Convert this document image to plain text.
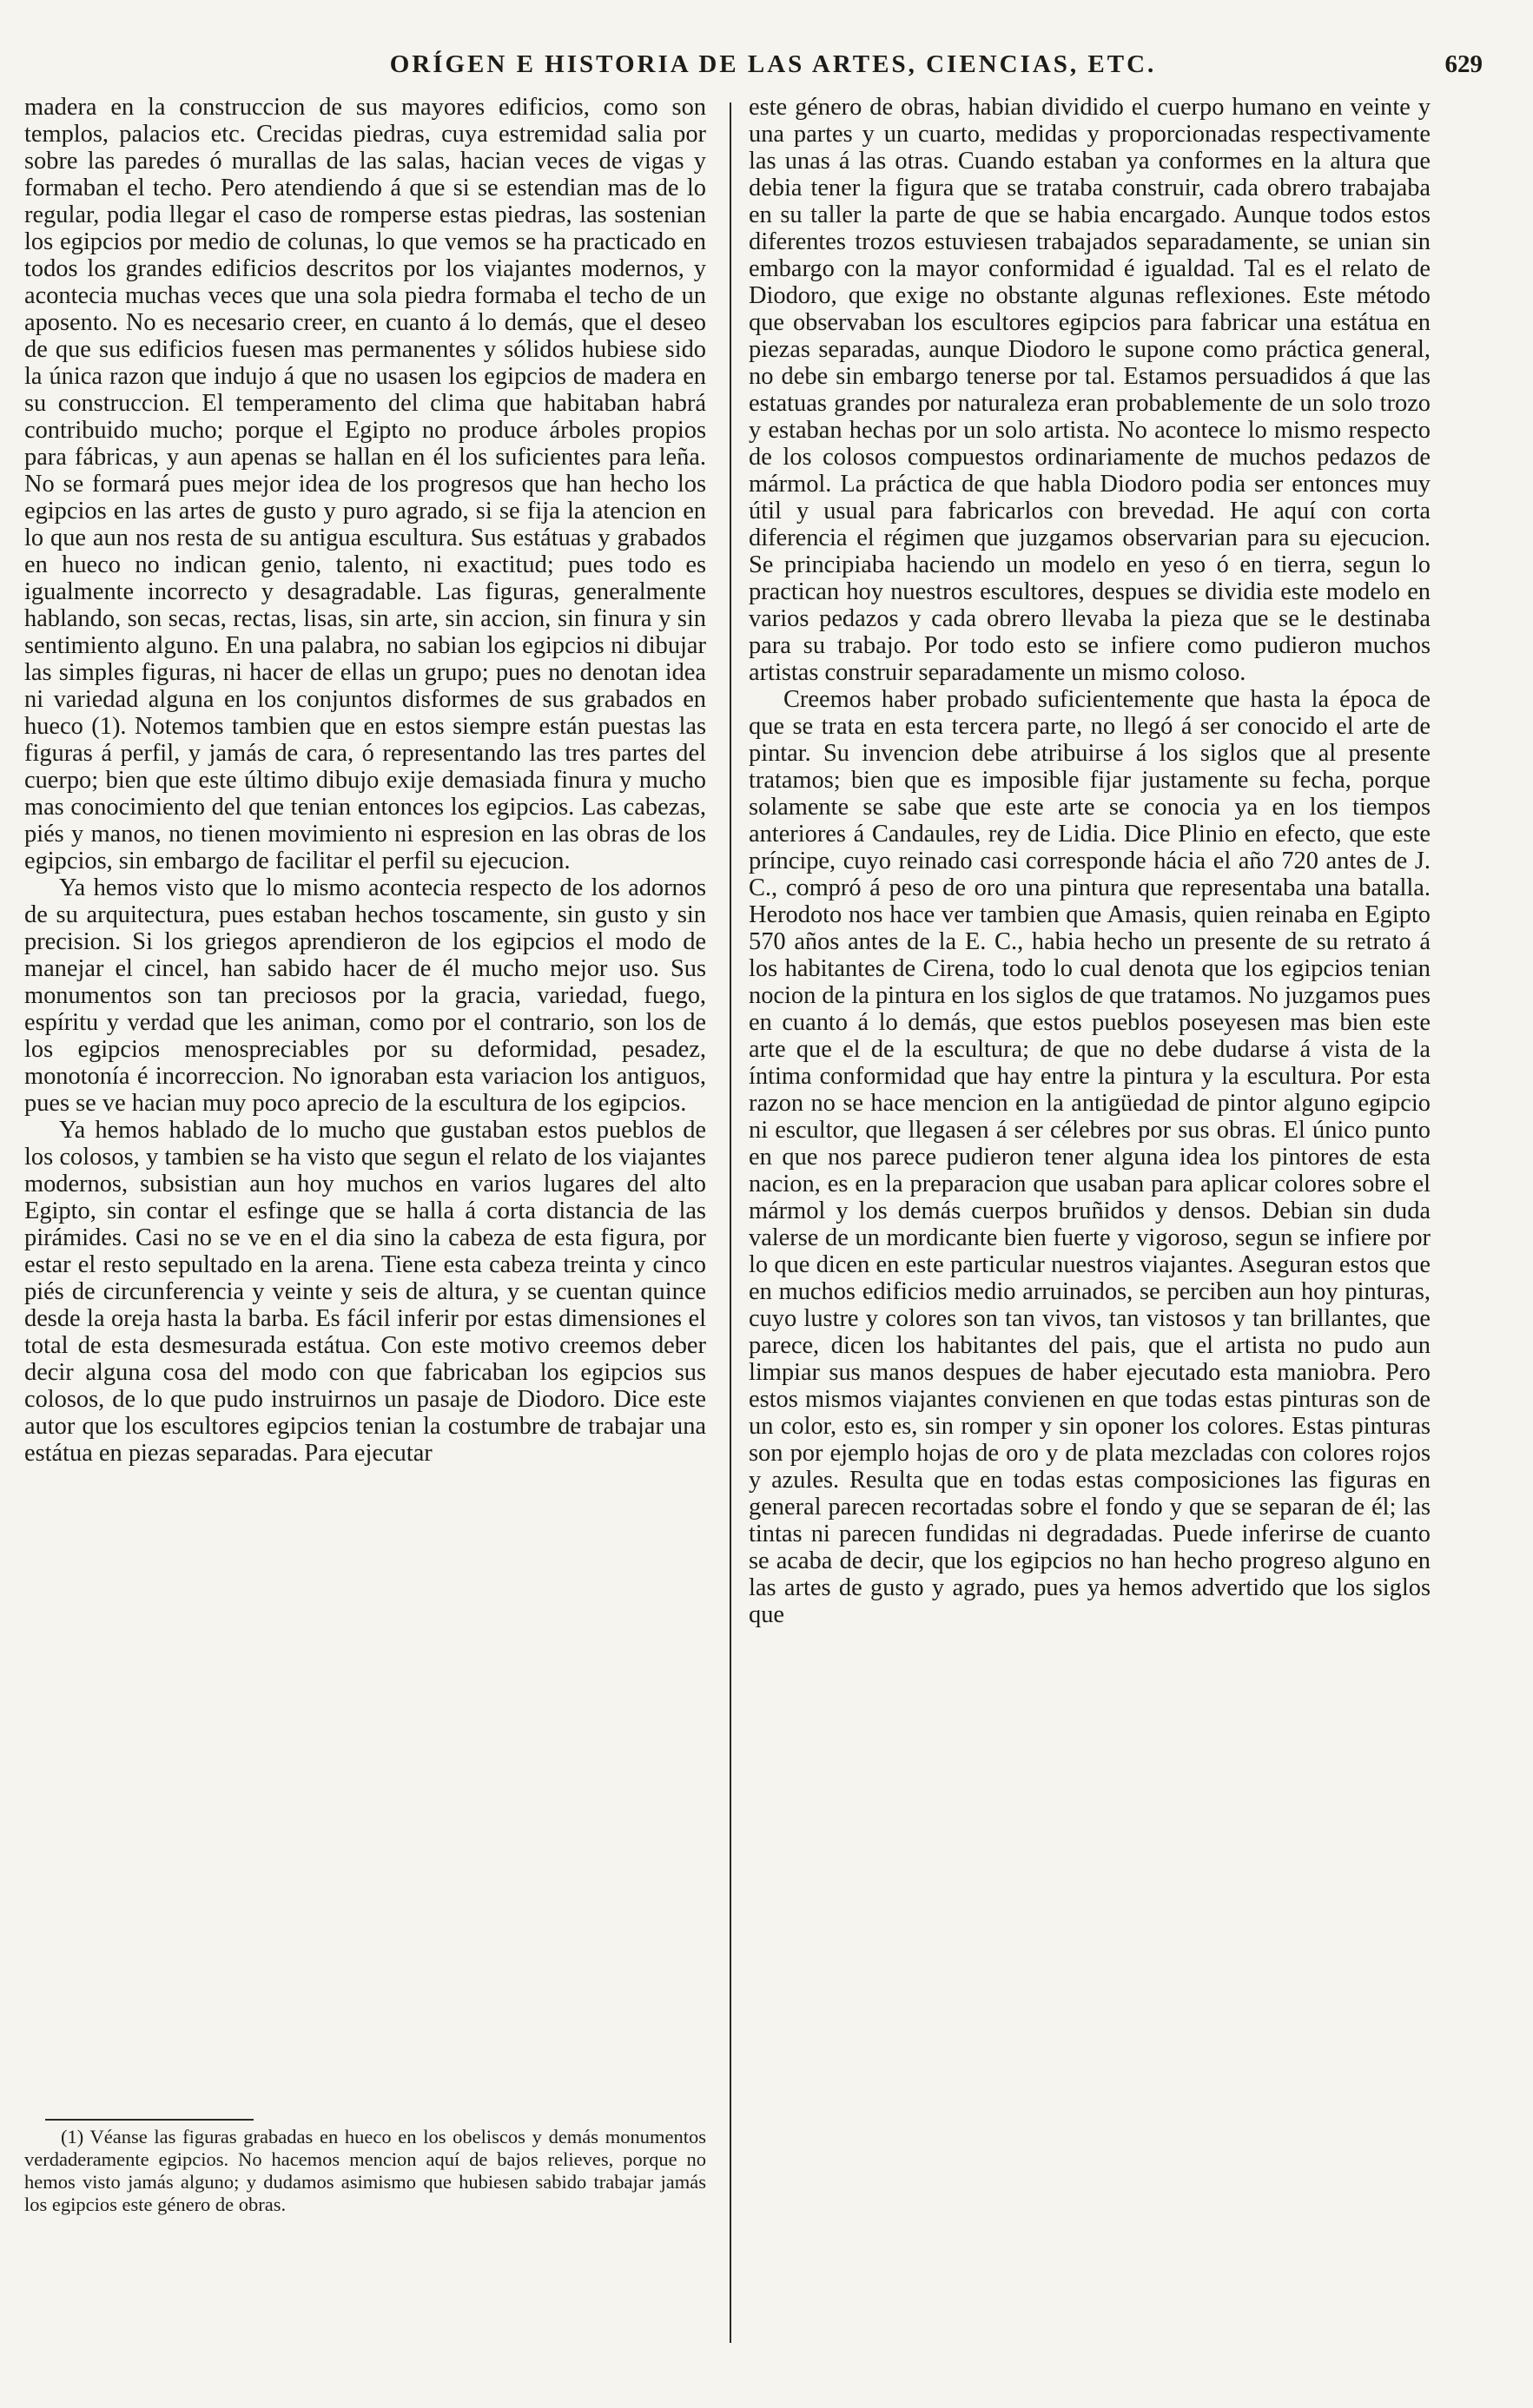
ORÍGEN E HISTORIA DE LAS ARTES, CIENCIAS, ETC.	629

madera en la construccion de sus mayores edificios, como son templos, palacios etc. Crecidas piedras, cuya estremidad salia por sobre las paredes ó murallas de las salas, hacian veces de vigas y formaban el techo. Pero atendiendo á que si se estendian mas de lo regular, podia llegar el caso de romperse estas piedras, las sostenian los egipcios por medio de colunas, lo que vemos se ha practicado en todos los grandes edificios descritos por los viajantes modernos, y acontecia muchas veces que una sola piedra formaba el techo de un aposento. No es necesario creer, en cuanto á lo demás, que el deseo de que sus edificios fuesen mas permanentes y sólidos hubiese sido la única razon que indujo á que no usasen los egipcios de madera en su construccion. El temperamento del clima que habitaban habrá contribuido mucho; porque el Egipto no produce árboles propios para fábricas, y aun apenas se hallan en él los suficientes para leña. No se formará pues mejor idea de los progresos que han hecho los egipcios en las artes de gusto y puro agrado, si se fija la atencion en lo que aun nos resta de su antigua escultura. Sus estátuas y grabados en hueco no indican genio, talento, ni exactitud; pues todo es igualmente incorrecto y desagradable. Las figuras, generalmente hablando, son secas, rectas, lisas, sin arte, sin accion, sin finura y sin sentimiento alguno. En una palabra, no sabian los egipcios ni dibujar las simples figuras, ni hacer de ellas un grupo; pues no denotan idea ni variedad alguna en los conjuntos disformes de sus grabados en hueco (1). Notemos tambien que en estos siempre están puestas las figuras á perfil, y jamás de cara, ó representando las tres partes del cuerpo; bien que este último dibujo exije demasiada finura y mucho mas conocimiento del que tenian entonces los egipcios. Las cabezas, piés y manos, no tienen movimiento ni espresion en las obras de los egipcios, sin embargo de facilitar el perfil su ejecucion.

Ya hemos visto que lo mismo acontecia respecto de los adornos de su arquitectura, pues estaban hechos toscamente, sin gusto y sin precision. Si los griegos aprendieron de los egipcios el modo de manejar el cincel, han sabido hacer de él mucho mejor uso. Sus monumentos son tan preciosos por la gracia, variedad, fuego, espíritu y verdad que les animan, como por el contrario, son los de los egipcios menospreciables por su deformidad, pesadez, monotonía é incorreccion. No ignoraban esta variacion los antiguos, pues se ve hacian muy poco aprecio de la escultura de los egipcios.

Ya hemos hablado de lo mucho que gustaban estos pueblos de los colosos, y tambien se ha visto que segun el relato de los viajantes modernos, subsistian aun hoy muchos en varios lugares del alto Egipto, sin contar el esfinge que se halla á corta distancia de las pirámides. Casi no se ve en el dia sino la cabeza de esta figura, por estar el resto sepultado en la arena. Tiene esta cabeza treinta y cinco piés de circunferencia y veinte y seis de altura, y se cuentan quince desde la oreja hasta la barba. Es fácil inferir por estas dimensiones el total de esta desmesurada estátua. Con este motivo creemos deber decir alguna cosa del modo con que fabricaban los egipcios sus colosos, de lo que pudo instruirnos un pasaje de Diodoro. Dice este autor que los escultores egipcios tenian la costumbre de trabajar una estátua en piezas separadas. Para ejecutar

(1) Véanse las figuras grabadas en hueco en los obeliscos y demás monumentos verdaderamente egipcios. No hacemos mencion aquí de bajos relieves, porque no hemos visto jamás alguno; y dudamos asimismo que hubiesen sabido trabajar jamás los egipcios este género de obras.

este género de obras, habian dividido el cuerpo humano en veinte y una partes y un cuarto, medidas y proporcionadas respectivamente las unas á las otras. Cuando estaban ya conformes en la altura que debia tener la figura que se trataba construir, cada obrero trabajaba en su taller la parte de que se habia encargado. Aunque todos estos diferentes trozos estuviesen trabajados separadamente, se unian sin embargo con la mayor conformidad é igualdad. Tal es el relato de Diodoro, que exige no obstante algunas reflexiones. Este método que observaban los escultores egipcios para fabricar una estátua en piezas separadas, aunque Diodoro le supone como práctica general, no debe sin embargo tenerse por tal. Estamos persuadidos á que las estatuas grandes por naturaleza eran probablemente de un solo trozo y estaban hechas por un solo artista. No acontece lo mismo respecto de los colosos compuestos ordinariamente de muchos pedazos de mármol. La práctica de que habla Diodoro podia ser entonces muy útil y usual para fabricarlos con brevedad. He aquí con corta diferencia el régimen que juzgamos observarian para su ejecucion. Se principiaba haciendo un modelo en yeso ó en tierra, segun lo practican hoy nuestros escultores, despues se dividia este modelo en varios pedazos y cada obrero llevaba la pieza que se le destinaba para su trabajo. Por todo esto se infiere como pudieron muchos artistas construir separadamente un mismo coloso.

Creemos haber probado suficientemente que hasta la época de que se trata en esta tercera parte, no llegó á ser conocido el arte de pintar. Su invencion debe atribuirse á los siglos que al presente tratamos; bien que es imposible fijar justamente su fecha, porque solamente se sabe que este arte se conocia ya en los tiempos anteriores á Candaules, rey de Lidia. Dice Plinio en efecto, que este príncipe, cuyo reinado casi corresponde hácia el año 720 antes de J. C., compró á peso de oro una pintura que representaba una batalla. Herodoto nos hace ver tambien que Amasis, quien reinaba en Egipto 570 años antes de la E. C., habia hecho un presente de su retrato á los habitantes de Cirena, todo lo cual denota que los egipcios tenian nocion de la pintura en los siglos de que tratamos. No juzgamos pues en cuanto á lo demás, que estos pueblos poseyesen mas bien este arte que el de la escultura; de que no debe dudarse á vista de la íntima conformidad que hay entre la pintura y la escultura. Por esta razon no se hace mencion en la antigüedad de pintor alguno egipcio ni escultor, que llegasen á ser célebres por sus obras. El único punto en que nos parece pudieron tener alguna idea los pintores de esta nacion, es en la preparacion que usaban para aplicar colores sobre el mármol y los demás cuerpos bruñidos y densos. Debian sin duda valerse de un mordicante bien fuerte y vigoroso, segun se infiere por lo que dicen en este particular nuestros viajantes. Aseguran estos que en muchos edificios medio arruinados, se perciben aun hoy pinturas, cuyo lustre y colores son tan vivos, tan vistosos y tan brillantes, que parece, dicen los habitantes del pais, que el artista no pudo aun limpiar sus manos despues de haber ejecutado esta maniobra. Pero estos mismos viajantes convienen en que todas estas pinturas son de un color, esto es, sin romper y sin oponer los colores. Estas pinturas son por ejemplo hojas de oro y de plata mezcladas con colores rojos y azules. Resulta que en todas estas composiciones las figuras en general parecen recortadas sobre el fondo y que se separan de él; las tintas ni parecen fundidas ni degradadas. Puede inferirse de cuanto se acaba de decir, que los egipcios no han hecho progreso alguno en las artes de gusto y agrado, pues ya hemos advertido que los siglos que
